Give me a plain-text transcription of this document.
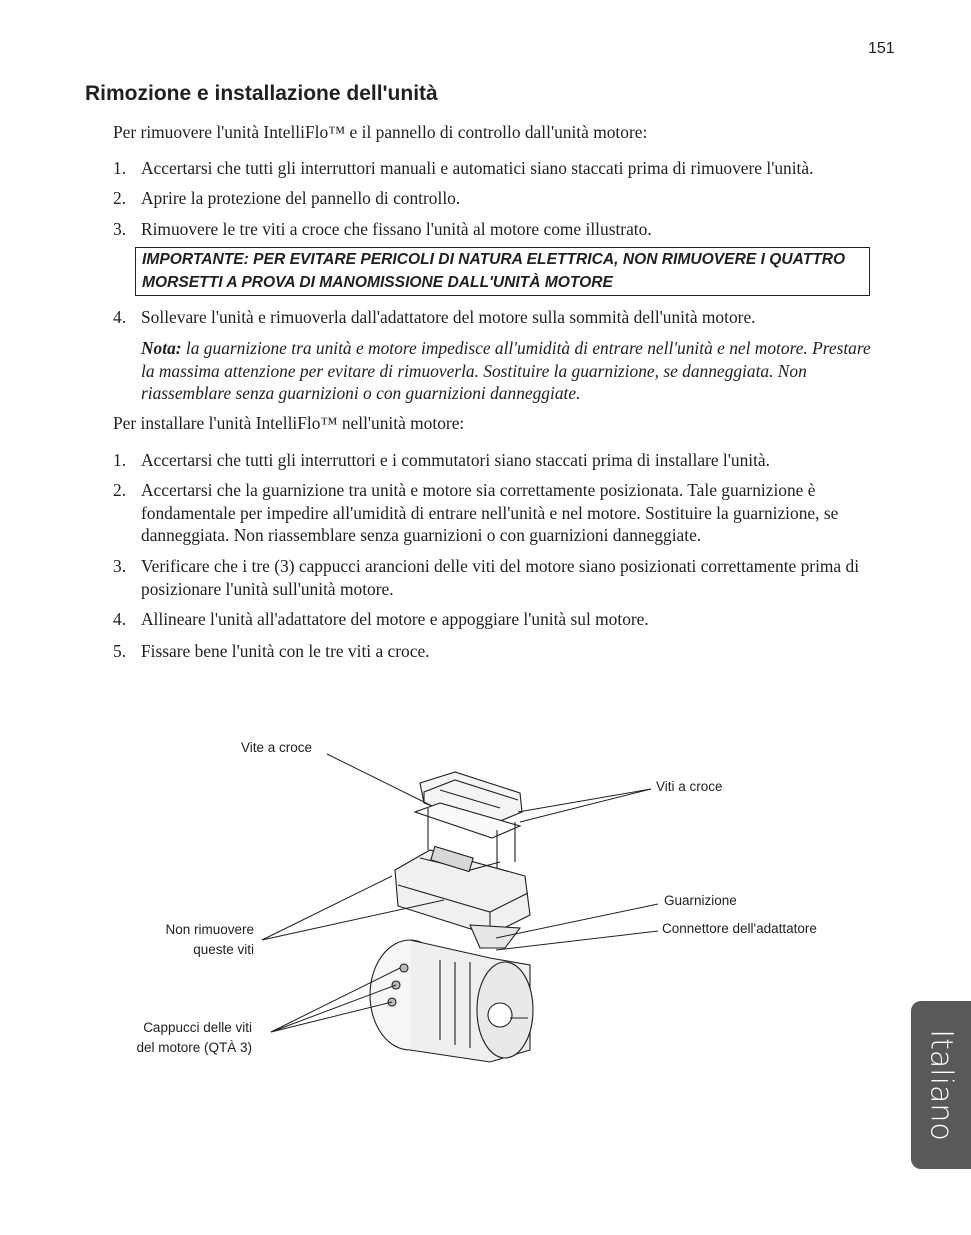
151
Rimozione e installazione dell'unità
Per rimuovere l'unità IntelliFlo™ e il pannello di controllo dall'unità motore:
1. Accertarsi che tutti gli interruttori manuali e automatici siano staccati prima di rimuovere l'unità.
2. Aprire la protezione del pannello di controllo.
3. Rimuovere le tre viti a croce che fissano l'unità al motore come illustrato.
IMPORTANTE: PER EVITARE PERICOLI DI NATURA ELETTRICA, NON RIMUOVERE I QUATTRO MORSETTI A PROVA DI MANOMISSIONE DALL'UNITÀ MOTORE
4. Sollevare l'unità e rimuoverla dall'adattatore del motore sulla sommità dell'unità motore.
Nota: la guarnizione tra unità e motore impedisce all'umidità di entrare nell'unità e nel motore. Prestare la massima attenzione per evitare di rimuoverla. Sostituire la guarnizione, se danneggiata. Non riassemblare senza guarnizioni o con guarnizioni danneggiate.
Per installare l'unità IntelliFlo™ nell'unità motore:
1. Accertarsi che tutti gli interruttori e i commutatori siano staccati prima di installare l'unità.
2. Accertarsi che la guarnizione tra unità e motore sia correttamente posizionata. Tale guarnizione è fondamentale per impedire all'umidità di entrare nell'unità e nel motore. Sostituire la guarnizione, se danneggiata. Non riassemblare senza guarnizioni o con guarnizioni danneggiate.
3. Verificare che i tre (3) cappucci arancioni delle viti del motore siano posizionati correttamente prima di posizionare l'unità sull'unità motore.
4. Allineare l'unità all'adattatore del motore e appoggiare l'unità sul motore.
5. Fissare bene l'unità con le tre viti a croce.
Vite a croce
Viti a croce
Guarnizione
Connettore dell'adattatore
Non rimuovere
queste viti
Cappucci delle viti
del motore (QTÀ 3)	Italiano
